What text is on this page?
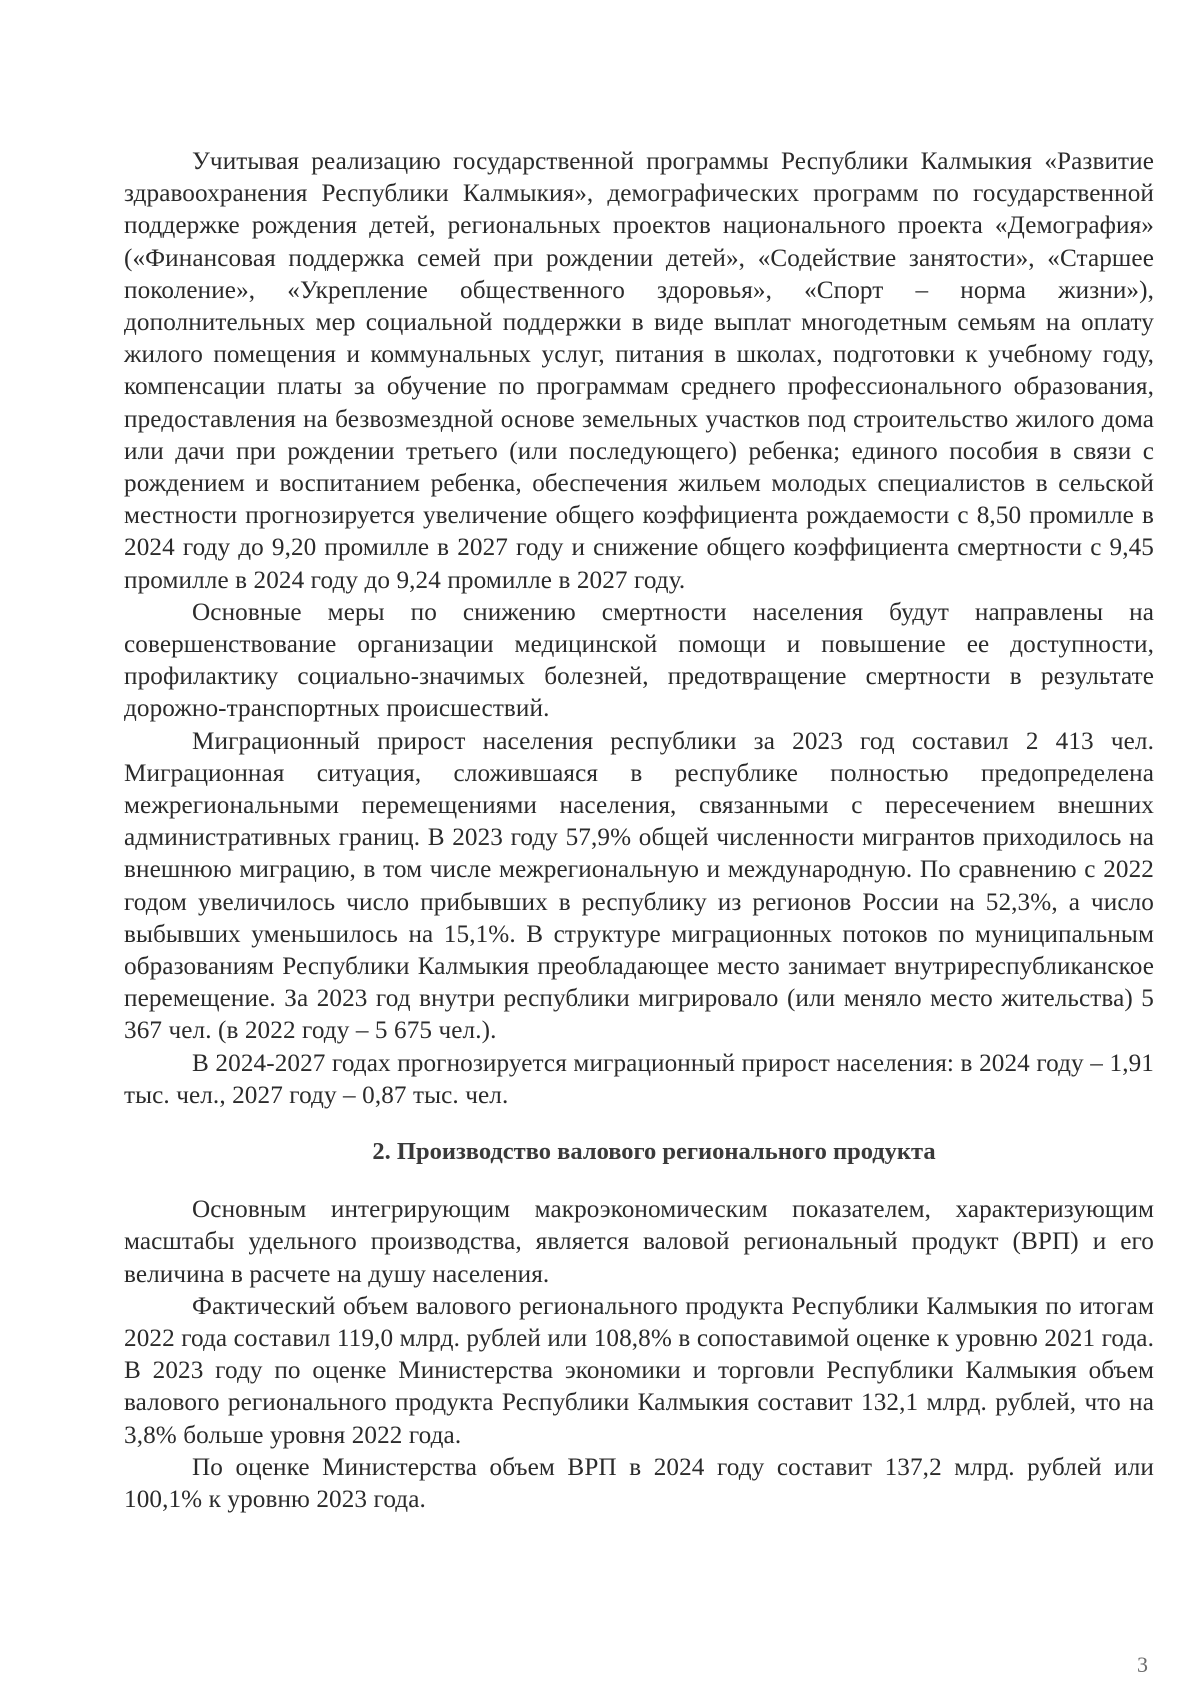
Учитывая реализацию государственной программы Республики Калмыкия «Развитие здравоохранения Республики Калмыкия», демографических программ по государственной поддержке рождения детей, региональных проектов национального проекта «Демография» («Финансовая поддержка семей при рождении детей», «Содействие занятости», «Старшее поколение», «Укрепление общественного здоровья», «Спорт – норма жизни»), дополнительных мер социальной поддержки в виде выплат многодетным семьям на оплату жилого помещения и коммунальных услуг, питания в школах, подготовки к учебному году, компенсации платы за обучение по программам среднего профессионального образования, предоставления на безвозмездной основе земельных участков под строительство жилого дома или дачи при рождении третьего (или последующего) ребенка; единого пособия в связи с рождением и воспитанием ребенка, обеспечения жильем молодых специалистов в сельской местности прогнозируется увеличение общего коэффициента рождаемости с 8,50 промилле в 2024 году до 9,20 промилле в 2027 году и снижение общего коэффициента смертности с 9,45 промилле в 2024 году до 9,24 промилле в 2027 году.

Основные меры по снижению смертности населения будут направлены на совершенствование организации медицинской помощи и повышение ее доступности, профилактику социально-значимых болезней, предотвращение смертности в результате дорожно-транспортных происшествий.

Миграционный прирост населения республики за 2023 год составил 2 413 чел. Миграционная ситуация, сложившаяся в республике полностью предопределена межрегиональными перемещениями населения, связанными с пересечением внешних административных границ. В 2023 году 57,9% общей численности мигрантов приходилось на внешнюю миграцию, в том числе межрегиональную и международную. По сравнению с 2022 годом увеличилось число прибывших в республику из регионов России на 52,3%, а число выбывших уменьшилось на 15,1%. В структуре миграционных потоков по муниципальным образованиям Республики Калмыкия преобладающее место занимает внутриреспубликанское перемещение. За 2023 год внутри республики мигрировало (или меняло место жительства) 5 367 чел. (в 2022 году – 5 675 чел.).

В 2024-2027 годах прогнозируется миграционный прирост населения: в 2024 году – 1,91 тыс. чел., 2027 году – 0,87 тыс. чел.

2. Производство валового регионального продукта

Основным интегрирующим макроэкономическим показателем, характеризующим масштабы удельного производства, является валовой региональный продукт (ВРП) и его величина в расчете на душу населения.

Фактический объем валового регионального продукта Республики Калмыкия по итогам 2022 года составил 119,0 млрд. рублей или 108,8% в сопоставимой оценке к уровню 2021 года. В 2023 году по оценке Министерства экономики и торговли Республики Калмыкия объем валового регионального продукта Республики Калмыкия составит 132,1 млрд. рублей, что на 3,8% больше уровня 2022 года.

По оценке Министерства объем ВРП в 2024 году составит 137,2 млрд. рублей или 100,1% к уровню 2023 года.

3
